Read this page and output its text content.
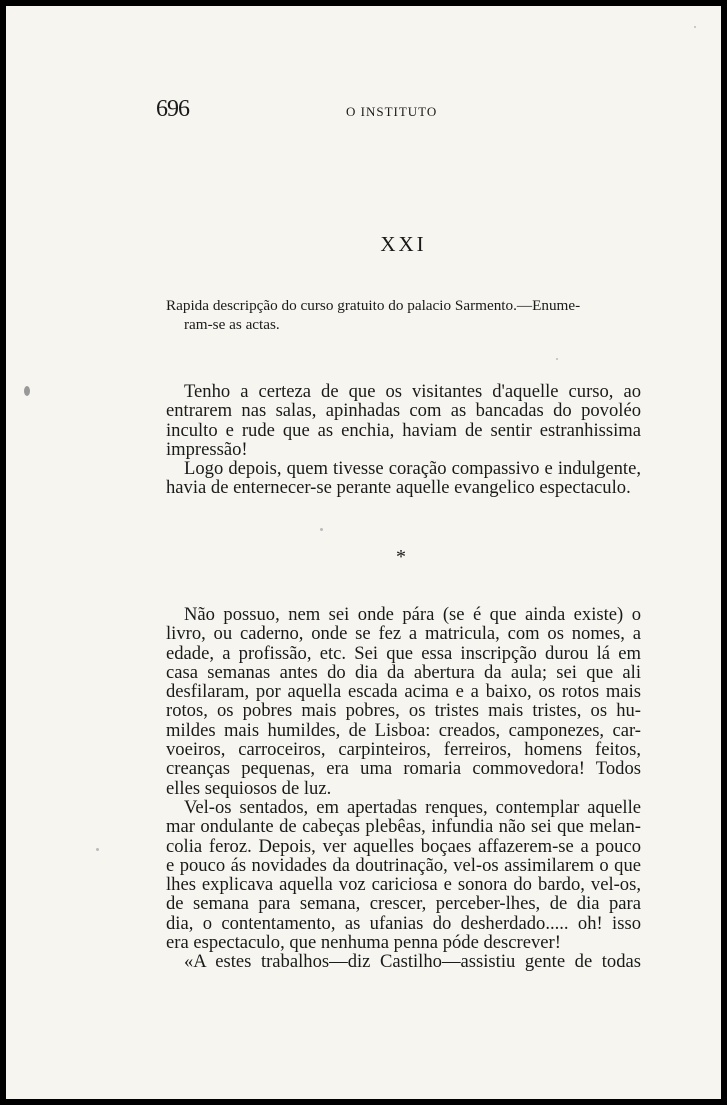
696	O INSTITUTO
XXI
Rapida descripção do curso gratuito do palacio Sarmento.—Enume-
ram-se as actas.
Tenho a certeza de que os visitantes d'aquelle curso, ao
entrarem nas salas, apinhadas com as bancadas do povoléo
inculto e rude que as enchia, haviam de sentir estranhissima
impressão!
Logo depois, quem tivesse coração compassivo e indulgente,
havia de enternecer-se perante aquelle evangelico espectaculo.
*
Não possuo, nem sei onde pára (se é que ainda existe) o
livro, ou caderno, onde se fez a matricula, com os nomes, a
edade, a profissão, etc. Sei que essa inscripção durou lá em
casa semanas antes do dia da abertura da aula; sei que ali
desfilaram, por aquella escada acima e a baixo, os rotos mais
rotos, os pobres mais pobres, os tristes mais tristes, os hu-
mildes mais humildes, de Lisboa: creados, camponezes, car-
voeiros, carroceiros, carpinteiros, ferreiros, homens feitos,
creanças pequenas, era uma romaria commovedora! Todos
elles sequiosos de luz.
Vel-os sentados, em apertadas renques, contemplar aquelle
mar ondulante de cabeças plebêas, infundia não sei que melan-
colia feroz. Depois, ver aquelles boçaes affazerem-se a pouco
e pouco ás novidades da doutrinação, vel-os assimilarem o que
lhes explicava aquella voz cariciosa e sonora do bardo, vel-os,
de semana para semana, crescer, perceber-lhes, de dia para
dia, o contentamento, as ufanias do desherdado..... oh! isso
era espectaculo, que nenhuma penna póde descrever!
«A estes trabalhos—diz Castilho—assistiu gente de todas
